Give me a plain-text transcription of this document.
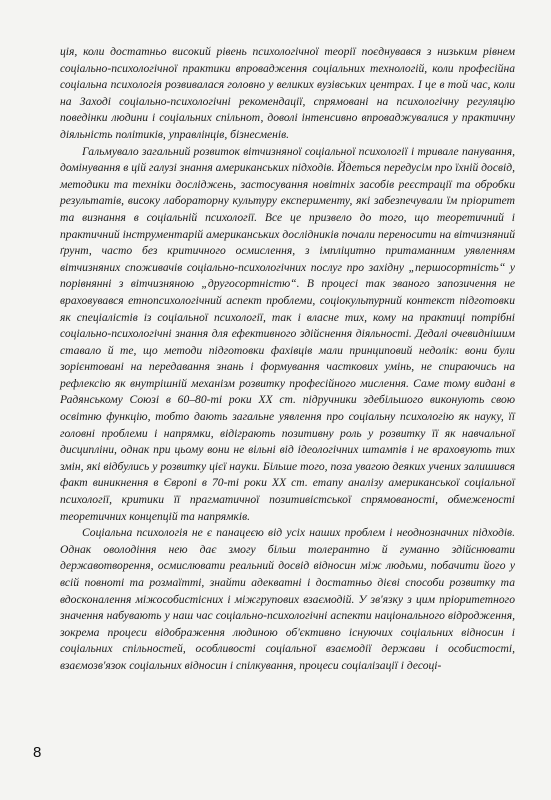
ція, коли достатньо високий рівень психологічної теорії поєднувався з низьким рівнем соціально-психологічної практики впровадження соціальних технологій, коли професійна соціальна психологія розвивалася головно у великих вузівських центрах. І це в той час, коли на Заході соціально-психологічні рекомендації, спрямовані на психологічну регуляцію поведінки людини і соціальних спільнот, доволі інтенсивно впроваджувалися у практичну діяльність політиків, управлінців, бізнесменів.

Гальмувало загальний розвиток вітчизняної соціальної психології і тривале панування, домінування в цій галузі знання американських підходів. Йдеться передусім про їхній досвід, методики та техніки досліджень, застосування новітніх засобів реєстрації та обробки результатів, високу лабораторну культуру експерименту, які забезпечували їм пріоритет та визнання в соціальній психології. Все це призвело до того, що теоретичний і практичний інструментарій американських дослідників почали переносити на вітчизняний ґрунт, часто без критичного осмислення, з імпліцитно притаманним уявленням вітчизняних споживачів соціально-психологічних послуг про західну „першосортність“ у порівнянні з вітчизняною „другосортністю“. В процесі так званого запозичення не враховувався етнопсихологічний аспект проблеми, соціокультурний контекст підготовки як спеціалістів із соціальної психології, так і власне тих, кому на практиці потрібні соціально-психологічні знання для ефективного здійснення діяльності. Дедалі очевиднішим ставало й те, що методи підготовки фахівців мали принциповий недолік: вони були зорієнтовані на передавання знань і формування часткових умінь, не спираючись на рефлексію як внутрішній механізм розвитку професійного мислення. Саме тому видані в Радянському Союзі в 60–80-ті роки XX ст. підручники здебільшого виконують свою освітню функцію, тобто дають загальне уявлення про соціальну психологію як науку, її головні проблеми і напрямки, відіграють позитивну роль у розвитку її як навчальної дисципліни, однак при цьому вони не вільні від ідеологічних штампів і не враховують тих змін, які відбулись у розвитку цієї науки. Більше того, поза увагою деяких учених залишився факт виникнення в Європі в 70-ті роки XX ст. етапу аналізу американської соціальної психології, критики її прагматичної позитивістської спрямованості, обмеженості теоретичних концепцій та напрямків.

Соціальна психологія не є панацеєю від усіх наших проблем і неоднозначних підходів. Однак оволодіння нею дає змогу більш толерантно й гуманно здійснювати державотворення, осмислювати реальний досвід відносин між людьми, побачити його у всій повноті та розмаїтті, знайти адекватні і достатньо дієві способи розвитку та вдосконалення міжособистісних і міжгрупових взаємодій. У зв'язку з цим пріоритетного значення набувають у наш час соціально-психологічні аспекти національного відродження, зокрема процеси відображення людиною об'єктивно існуючих соціальних відносин і соціальних спільностей, особливості соціальної взаємодії держави і особистості, взаємозв'язок соціальних відносин і спілкування, процеси соціалізації і десоці-

8
